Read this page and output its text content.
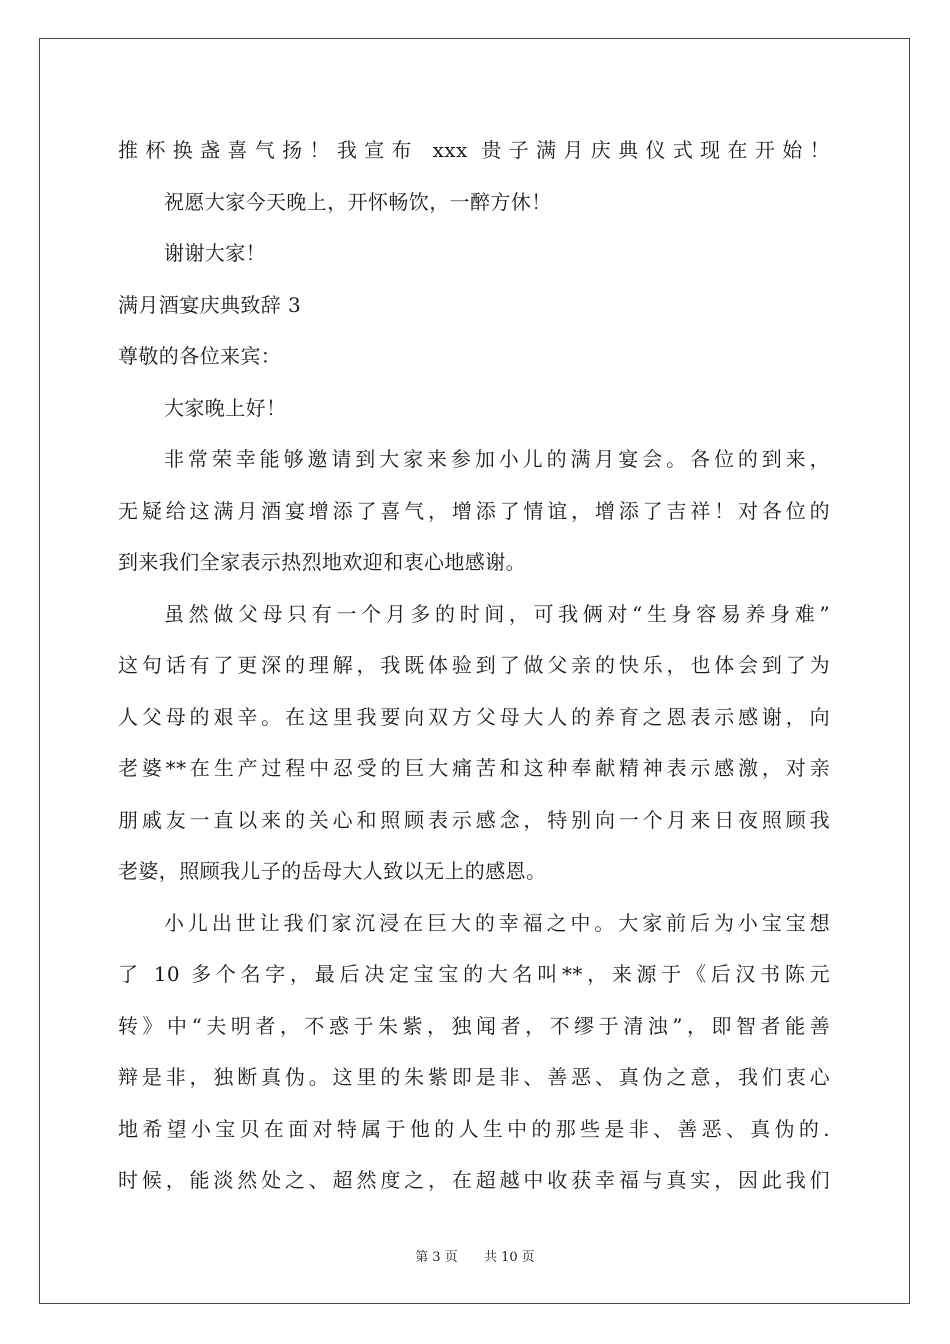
推杯换盏喜气扬！我宣布 xxx 贵子满月庆典仪式现在开始！

祝愿大家今天晚上，开怀畅饮，一醉方休！

谢谢大家！

满月酒宴庆典致辞 3

尊敬的各位来宾：

大家晚上好！

非常荣幸能够邀请到大家来参加小儿的满月宴会。各位的到来，

无疑给这满月酒宴增添了喜气，增添了情谊，增添了吉祥！对各位的

到来我们全家表示热烈地欢迎和衷心地感谢。

虽然做父母只有一个月多的时间，可我俩对“生身容易养身难”

这句话有了更深的理解，我既体验到了做父亲的快乐，也体会到了为

人父母的艰辛。在这里我要向双方父母大人的养育之恩表示感谢，向

老婆**在生产过程中忍受的巨大痛苦和这种奉献精神表示感激，对亲

朋戚友一直以来的关心和照顾表示感念，特别向一个月来日夜照顾我

老婆，照顾我儿子的岳母大人致以无上的感恩。

小儿出世让我们家沉浸在巨大的幸福之中。大家前后为小宝宝想

了 10 多个名字，最后决定宝宝的大名叫**，来源于《后汉书陈元

转》中“夫明者，不惑于朱紫，独闻者，不缪于清浊”，即智者能善

辩是非，独断真伪。这里的朱紫即是非、善恶、真伪之意，我们衷心

地希望小宝贝在面对特属于他的人生中的那些是非、善恶、真伪的.

时候，能淡然处之、超然度之，在超越中收获幸福与真实，因此我们

第 3 页 共 10 页
